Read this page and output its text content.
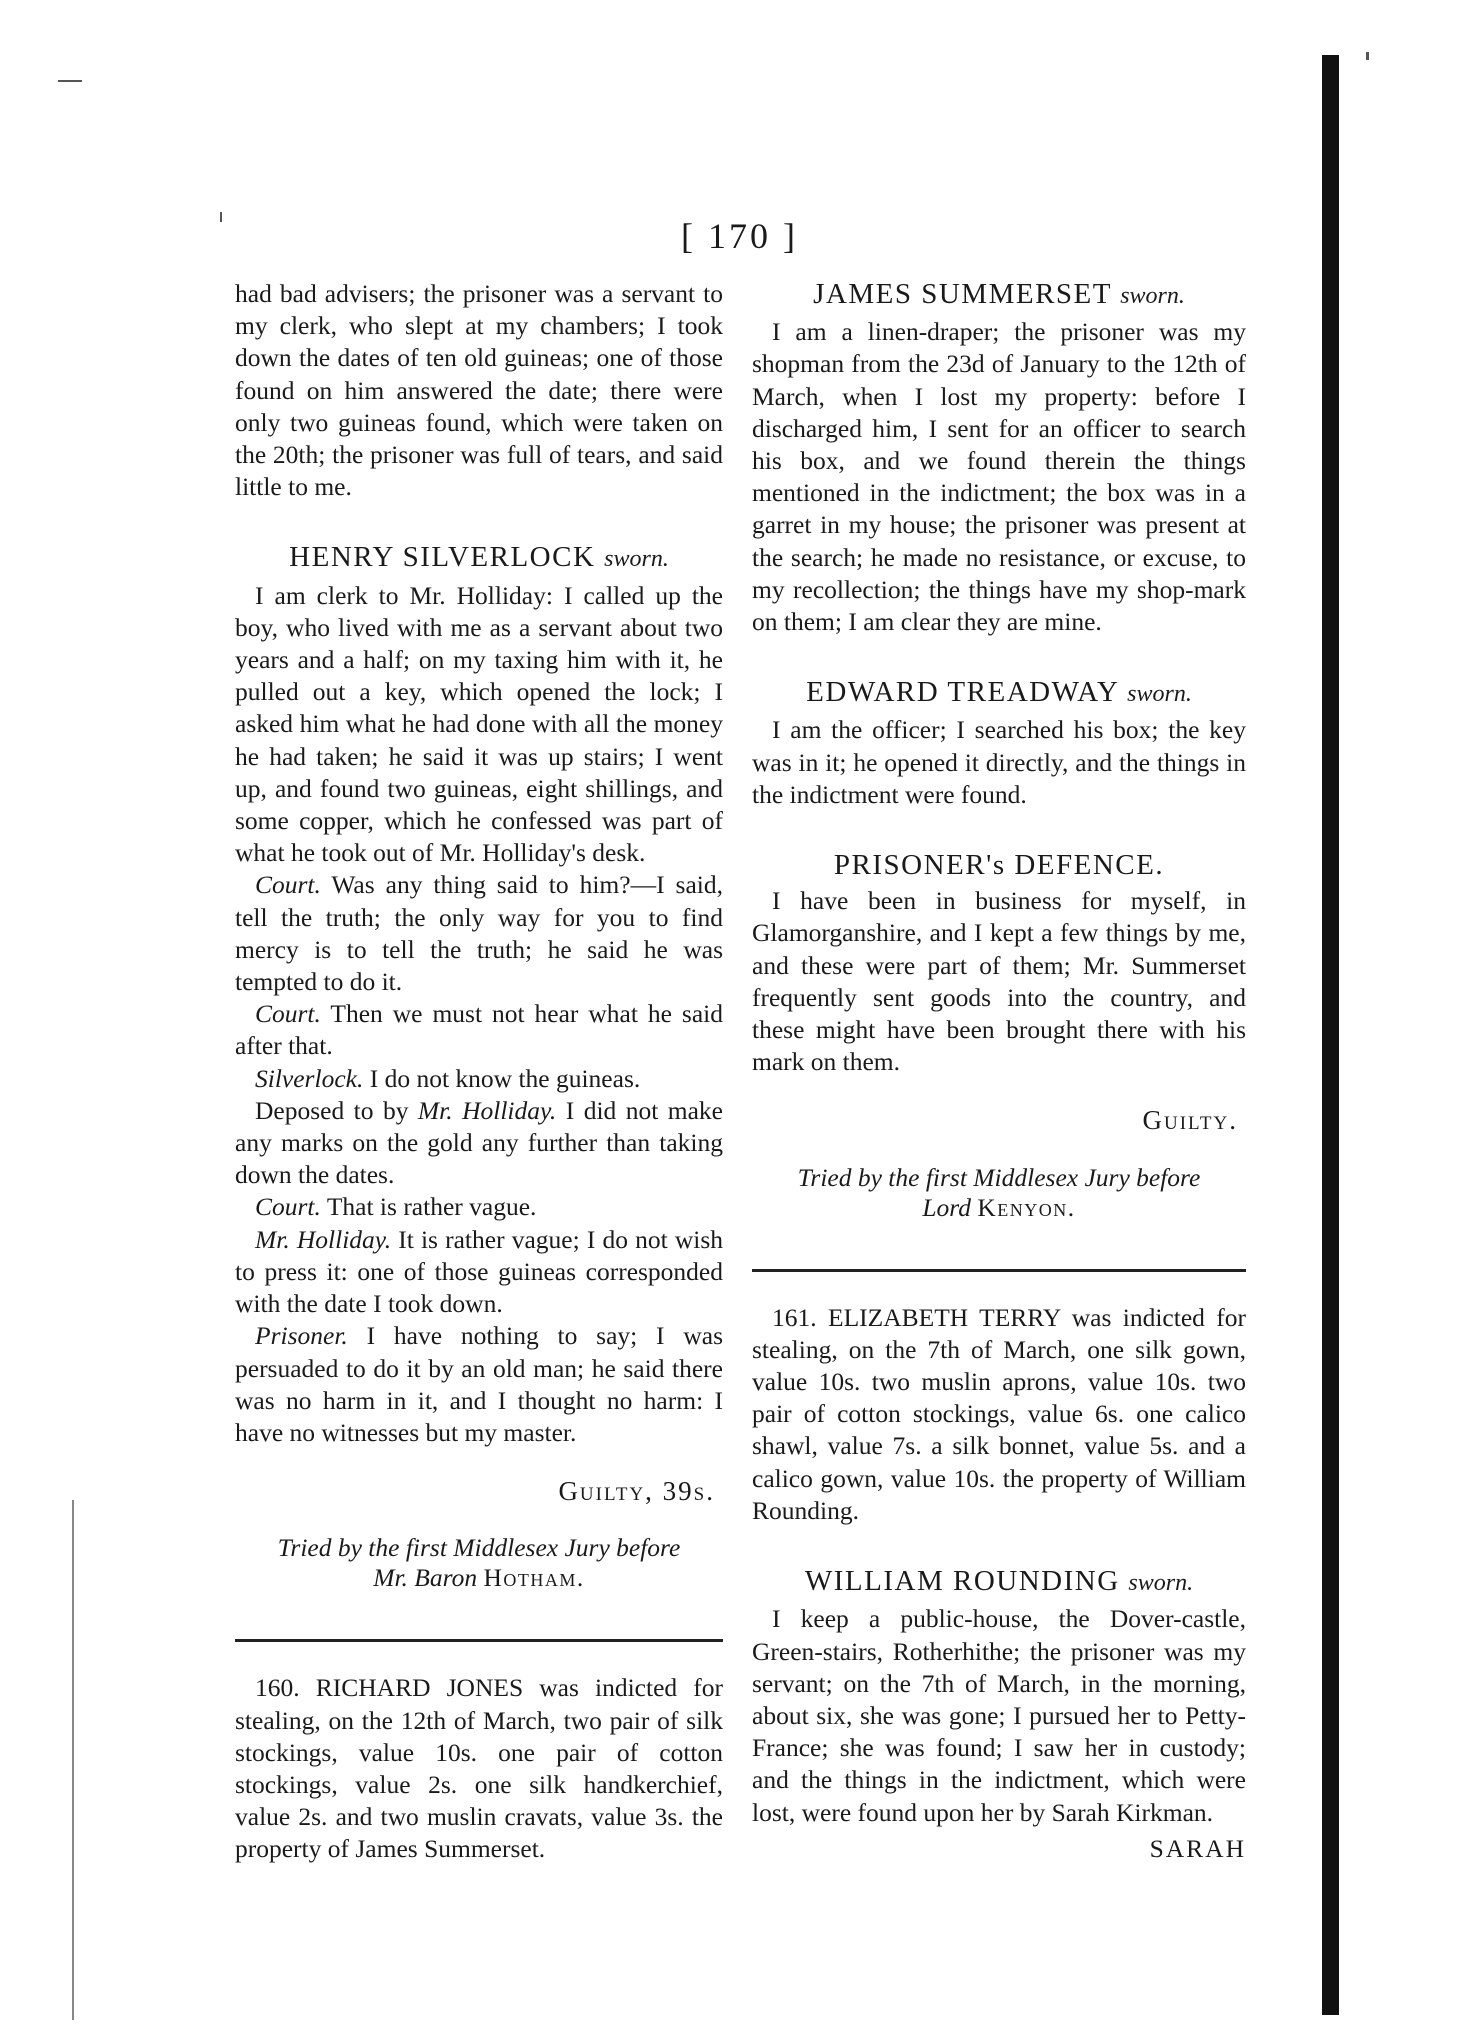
[ 170 ]

had bad advisers; the prisoner was a servant to my clerk, who slept at my chambers; I took down the dates of ten old guineas; one of those found on him answered the date; there were only two guineas found, which were taken on the 20th; the prisoner was full of tears, and said little to me.

HENRY SILVERLOCK sworn.

I am clerk to Mr. Holliday: I called up the boy, who lived with me as a servant about two years and a half; on my taxing him with it, he pulled out a key, which opened the lock; I asked him what he had done with all the money he had taken; he said it was up stairs; I went up, and found two guineas, eight shillings, and some copper, which he confessed was part of what he took out of Mr. Holliday's desk.

Court. Was any thing said to him?—I said, tell the truth; the only way for you to find mercy is to tell the truth; he said he was tempted to do it.

Court. Then we must not hear what he said after that.

Silverlock. I do not know the guineas.

Deposed to by Mr. Holliday. I did not make any marks on the gold any further than taking down the dates.

Court. That is rather vague.

Mr. Holliday. It is rather vague; I do not wish to press it: one of those guineas corresponded with the date I took down.

Prisoner. I have nothing to say; I was persuaded to do it by an old man; he said there was no harm in it, and I thought no harm: I have no witnesses but my master.

Guilty, 39s.
Tried by the first Middlesex Jury before
Mr. Baron Hotham.

160. RICHARD JONES was indicted for stealing, on the 12th of March, two pair of silk stockings, value 10s. one pair of cotton stockings, value 2s. one silk handkerchief, value 2s. and two muslin cravats, value 3s. the property of James Summerset.

JAMES SUMMERSET sworn.

I am a linen-draper; the prisoner was my shopman from the 23d of January to the 12th of March, when I lost my property: before I discharged him, I sent for an officer to search his box, and we found therein the things mentioned in the indictment; the box was in a garret in my house; the prisoner was present at the search; he made no resistance, or excuse, to my recollection; the things have my shop-mark on them; I am clear they are mine.

EDWARD TREADWAY sworn.

I am the officer; I searched his box; the key was in it; he opened it directly, and the things in the indictment were found.

PRISONER's DEFENCE.

I have been in business for myself, in Glamorganshire, and I kept a few things by me, and these were part of them; Mr. Summerset frequently sent goods into the country, and these might have been brought there with his mark on them.

Guilty.
Tried by the first Middlesex Jury before
Lord Kenyon.

161. ELIZABETH TERRY was indicted for stealing, on the 7th of March, one silk gown, value 10s. two muslin aprons, value 10s. two pair of cotton stockings, value 6s. one calico shawl, value 7s. a silk bonnet, value 5s. and a calico gown, value 10s. the property of William Rounding.

WILLIAM ROUNDING sworn.

I keep a public-house, the Dover-castle, Green-stairs, Rotherhithe; the prisoner was my servant; on the 7th of March, in the morning, about six, she was gone; I pursued her to Petty-France; she was found; I saw her in custody; and the things in the indictment, which were lost, were found upon her by Sarah Kirkman.

SARAH
